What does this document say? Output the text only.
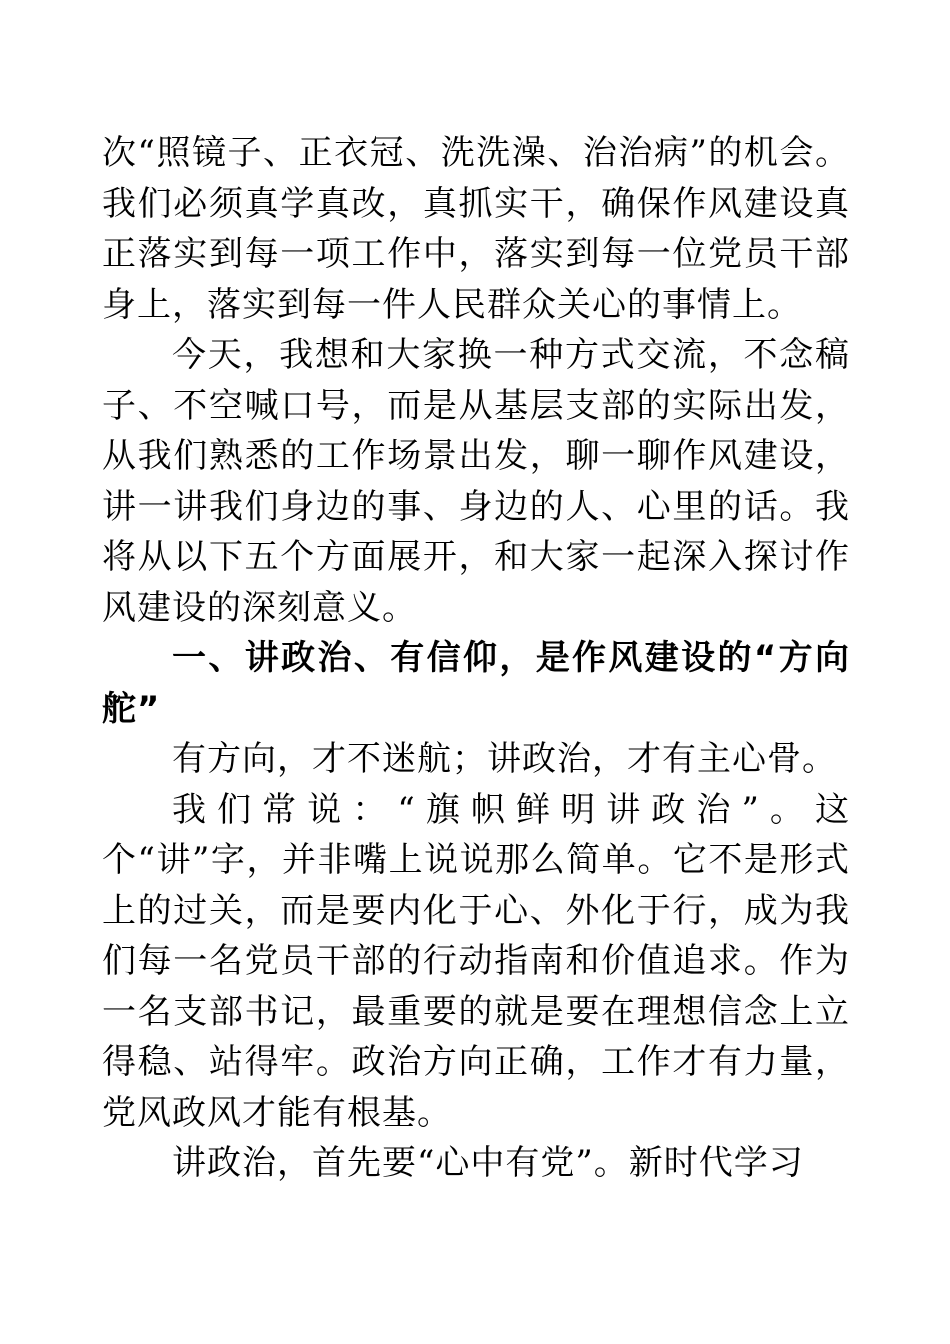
次“照镜子、正衣冠、洗洗澡、治治病”的机会。我们必须真学真改，真抓实干，确保作风建设真正落实到每一项工作中，落实到每一位党员干部身上，落实到每一件人民群众关心的事情上。

今天，我想和大家换一种方式交流，不念稿子、不空喊口号，而是从基层支部的实际出发，从我们熟悉的工作场景出发，聊一聊作风建设，讲一讲我们身边的事、身边的人、心里的话。我将从以下五个方面展开，和大家一起深入探讨作风建设的深刻意义。

一、讲政治、有信仰，是作风建设的“方向舵”

有方向，才不迷航；讲政治，才有主心骨。

我们常说：“旗帜鲜明讲政治”。这个“讲”字，并非嘴上说说那么简单。它不是形式上的过关，而是要内化于心、外化于行，成为我们每一名党员干部的行动指南和价值追求。作为一名支部书记，最重要的就是要在理想信念上立得稳、站得牢。政治方向正确，工作才有力量，党风政风才能有根基。

讲政治，首先要“心中有党”。新时代学习
